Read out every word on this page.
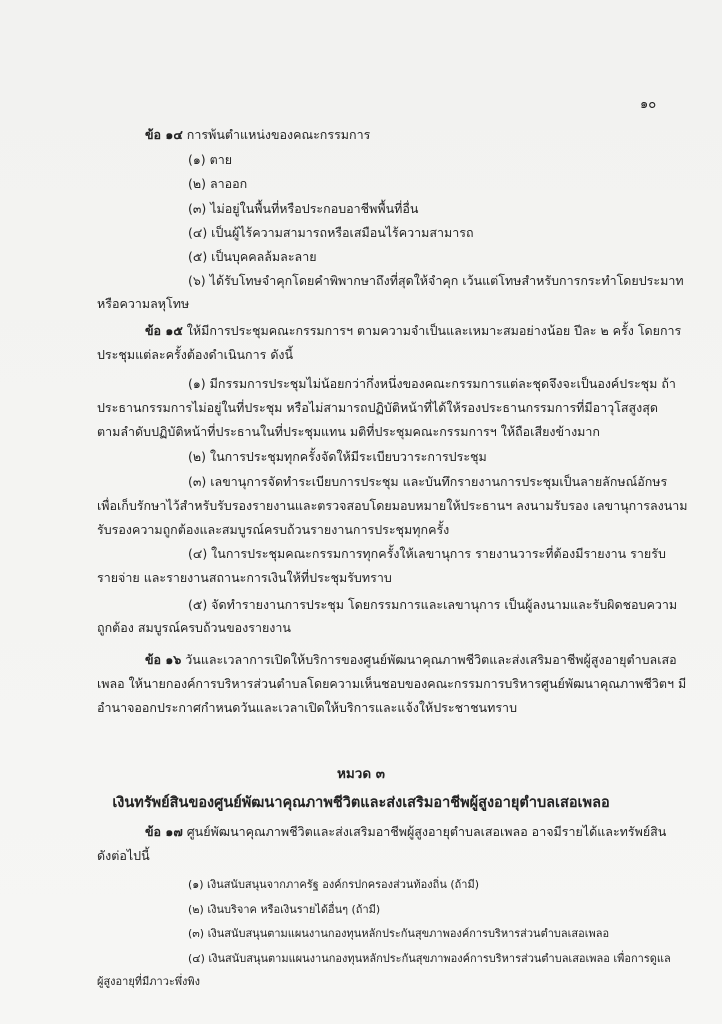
๑๐
ข้อ ๑๔ การพ้นตำแหน่งของคณะกรรมการ
(๑) ตาย
(๒) ลาออก
(๓) ไม่อยู่ในพื้นที่หรือประกอบอาชีพพื้นที่อื่น
(๔) เป็นผู้ไร้ความสามารถหรือเสมือนไร้ความสามารถ
(๕) เป็นบุคคลล้มละลาย
(๖) ได้รับโทษจำคุกโดยคำพิพากษาถึงที่สุดให้จำคุก เว้นแต่โทษสำหรับการกระทำโดยประมาท
หรือความลหุโทษ
ข้อ ๑๕ ให้มีการประชุมคณะกรรมการฯ ตามความจำเป็นและเหมาะสมอย่างน้อย ปีละ ๒ ครั้ง โดยการ
ประชุมแต่ละครั้งต้องดำเนินการ ดังนี้
(๑) มีกรรมการประชุมไม่น้อยกว่ากึ่งหนึ่งของคณะกรรมการแต่ละชุดจึงจะเป็นองค์ประชุม ถ้า
ประธานกรรมการไม่อยู่ในที่ประชุม หรือไม่สามารถปฏิบัติหน้าที่ได้ให้รองประธานกรรมการที่มีอาวุโสสูงสุด
ตามลำดับปฏิบัติหน้าที่ประธานในที่ประชุมแทน มติที่ประชุมคณะกรรมการฯ ให้ถือเสียงข้างมาก
(๒) ในการประชุมทุกครั้งจัดให้มีระเบียบวาระการประชุม
(๓) เลขานุการจัดทำระเบียบการประชุม และบันทึกรายงานการประชุมเป็นลายลักษณ์อักษร
เพื่อเก็บรักษาไว้สำหรับรับรองรายงานและตรวจสอบโดยมอบหมายให้ประธานฯ ลงนามรับรอง เลขานุการลงนาม
รับรองความถูกต้องและสมบูรณ์ครบถ้วนรายงานการประชุมทุกครั้ง
(๔) ในการประชุมคณะกรรมการทุกครั้งให้เลขานุการ รายงานวาระที่ต้องมีรายงาน รายรับ
รายจ่าย และรายงานสถานะการเงินให้ที่ประชุมรับทราบ
(๕) จัดทำรายงานการประชุม โดยกรรมการและเลขานุการ เป็นผู้ลงนามและรับผิดชอบความ
ถูกต้อง สมบูรณ์ครบถ้วนของรายงาน
ข้อ ๑๖ วันและเวลาการเปิดให้บริการของศูนย์พัฒนาคุณภาพชีวิตและส่งเสริมอาชีพผู้สูงอายุตำบลเสอ
เพลอ ให้นายกองค์การบริหารส่วนตำบลโดยความเห็นชอบของคณะกรรมการบริหารศูนย์พัฒนาคุณภาพชีวิตฯ มี
อำนาจออกประกาศกำหนดวันและเวลาเปิดให้บริการและแจ้งให้ประชาชนทราบ
หมวด ๓
เงินทรัพย์สินของศูนย์พัฒนาคุณภาพชีวิตและส่งเสริมอาชีพผู้สูงอายุตำบลเสอเพลอ
ข้อ ๑๗ ศูนย์พัฒนาคุณภาพชีวิตและส่งเสริมอาชีพผู้สูงอายุตำบลเสอเพลอ อาจมีรายได้และทรัพย์สิน
ดังต่อไปนี้
(๑) เงินสนับสนุนจากภาครัฐ องค์กรปกครองส่วนท้องถิ่น (ถ้ามี)
(๒) เงินบริจาค หรือเงินรายได้อื่นๆ (ถ้ามี)
(๓) เงินสนับสนุนตามแผนงานกองทุนหลักประกันสุขภาพองค์การบริหารส่วนตำบลเสอเพลอ
(๔) เงินสนับสนุนตามแผนงานกองทุนหลักประกันสุขภาพองค์การบริหารส่วนตำบลเสอเพลอ เพื่อการดูแล
ผู้สูงอายุที่มีภาวะพึ่งพิง
